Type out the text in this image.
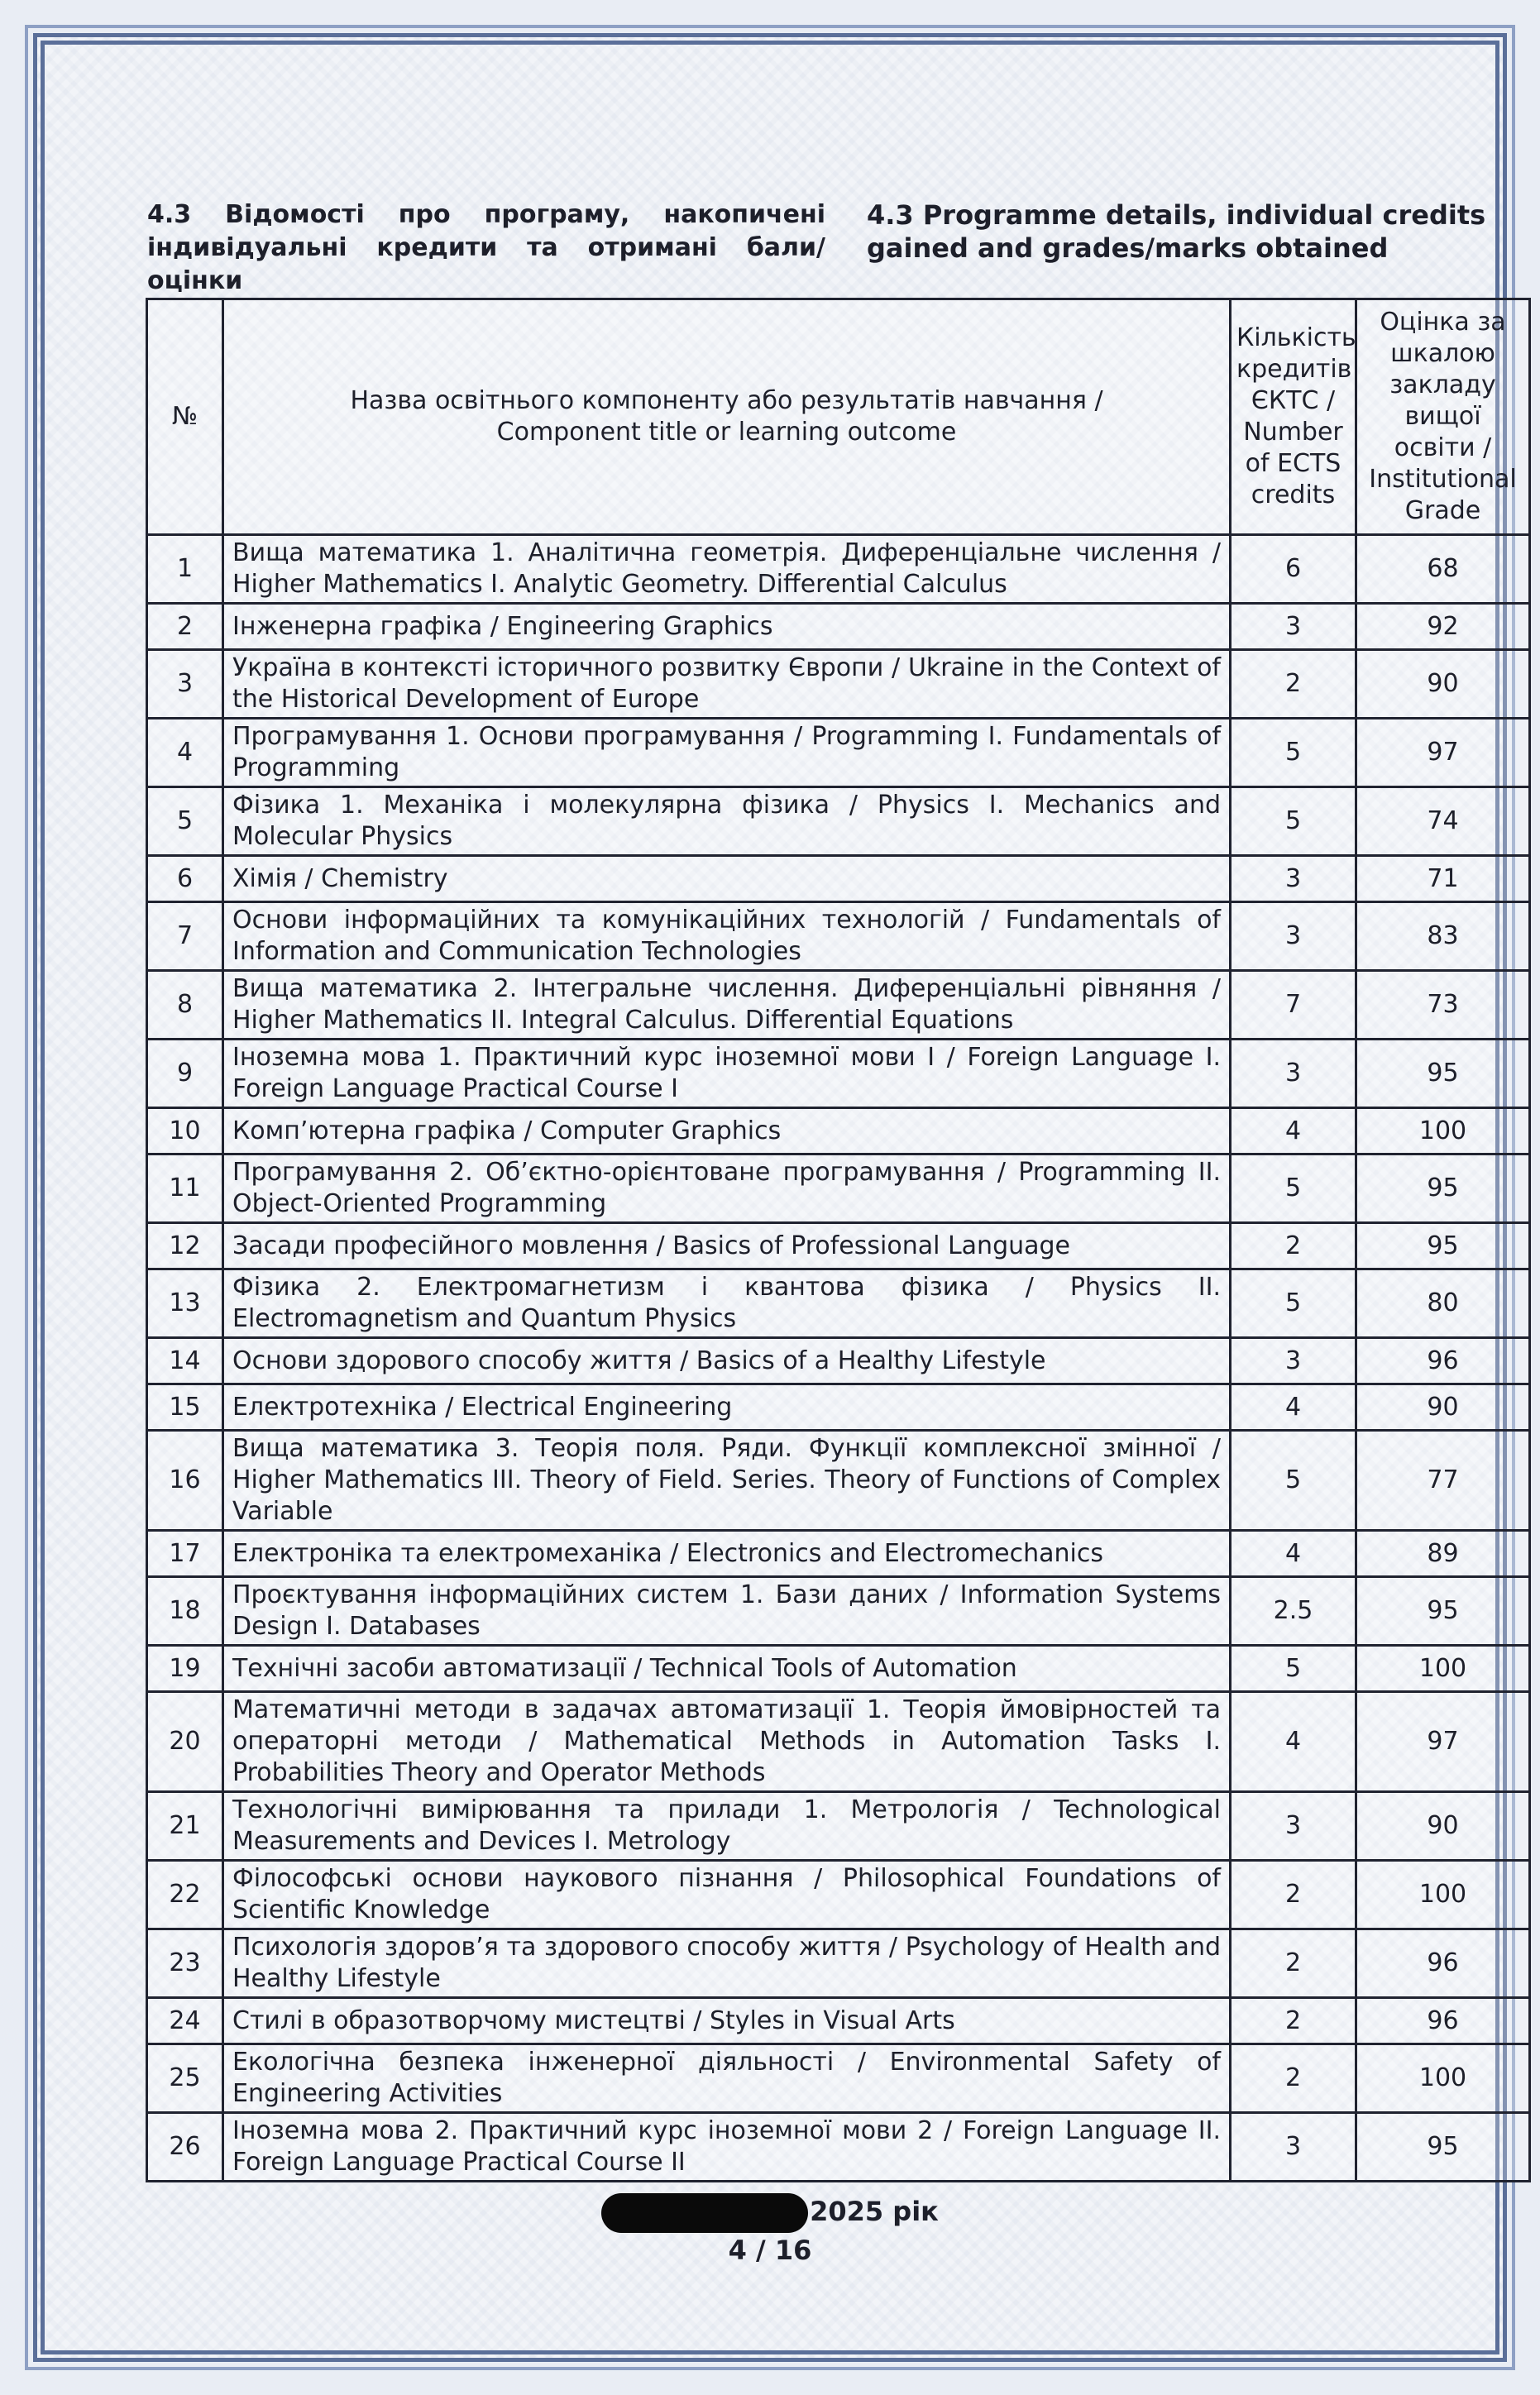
4.3 Відомості про програму, накопичені індивідуальні кредити та отримані бали/оцінки
4.3 Programme details, individual credits gained and grades/marks obtained
№	Назва освітнього компоненту або результатів навчання / Component title or learning outcome	Кількість кредитів ЄКТС / Number of ECTS credits	Оцінка за шкалою закладу вищої освіти / Institutional Grade
1	Вища математика 1. Аналітична геометрія. Диференціальне числення / Higher Mathematics I. Analytic Geometry. Differential Calculus	6	68
2	Інженерна графіка / Engineering Graphics	3	92
3	Україна в контексті історичного розвитку Європи / Ukraine in the Context of the Historical Development of Europe	2	90
4	Програмування 1. Основи програмування / Programming I. Fundamentals of Programming	5	97
5	Фізика 1. Механіка і молекулярна фізика / Physics I. Mechanics and Molecular Physics	5	74
6	Хімія / Chemistry	3	71
7	Основи інформаційних та комунікаційних технологій / Fundamentals of Information and Communication Technologies	3	83
8	Вища математика 2. Інтегральне числення. Диференціальні рівняння / Higher Mathematics II. Integral Calculus. Differential Equations	7	73
9	Іноземна мова 1. Практичний курс іноземної мови I / Foreign Language I. Foreign Language Practical Course I	3	95
10	Комп’ютерна графіка / Computer Graphics	4	100
11	Програмування 2. Об’єктно-орієнтоване програмування / Programming II. Object-Oriented Programming	5	95
12	Засади професійного мовлення / Basics of Professional Language	2	95
13	Фізика 2. Електромагнетизм і квантова фізика / Physics II. Electromagnetism and Quantum Physics	5	80
14	Основи здорового способу життя / Basics of a Healthy Lifestyle	3	96
15	Електротехніка / Electrical Engineering	4	90
16	Вища математика 3. Теорія поля. Ряди. Функції комплексної змінної / Higher Mathematics III. Theory of Field. Series. Theory of Functions of Complex Variable	5	77
17	Електроніка та електромеханіка / Electronics and Electromechanics	4	89
18	Проєктування інформаційних систем 1. Бази даних / Information Systems Design I. Databases	2.5	95
19	Технічні засоби автоматизації / Technical Tools of Automation	5	100
20	Математичні методи в задачах автоматизації 1. Теорія ймовірностей та операторні методи / Mathematical Methods in Automation Tasks I. Probabilities Theory and Operator Methods	4	97
21	Технологічні вимірювання та прилади 1. Метрологія / Technological Measurements and Devices I. Metrology	3	90
22	Філософські основи наукового пізнання / Philosophical Foundations of Scientific Knowledge	2	100
23	Психологія здоров’я та здорового способу життя / Psychology of Health and Healthy Lifestyle	2	96
24	Стилі в образотворчому мистецтві / Styles in Visual Arts	2	96
25	Екологічна безпека інженерної діяльності / Environmental Safety of Engineering Activities	2	100
26	Іноземна мова 2. Практичний курс іноземної мови 2 / Foreign Language II. Foreign Language Practical Course II	3	95
2025 рік
4 / 16
